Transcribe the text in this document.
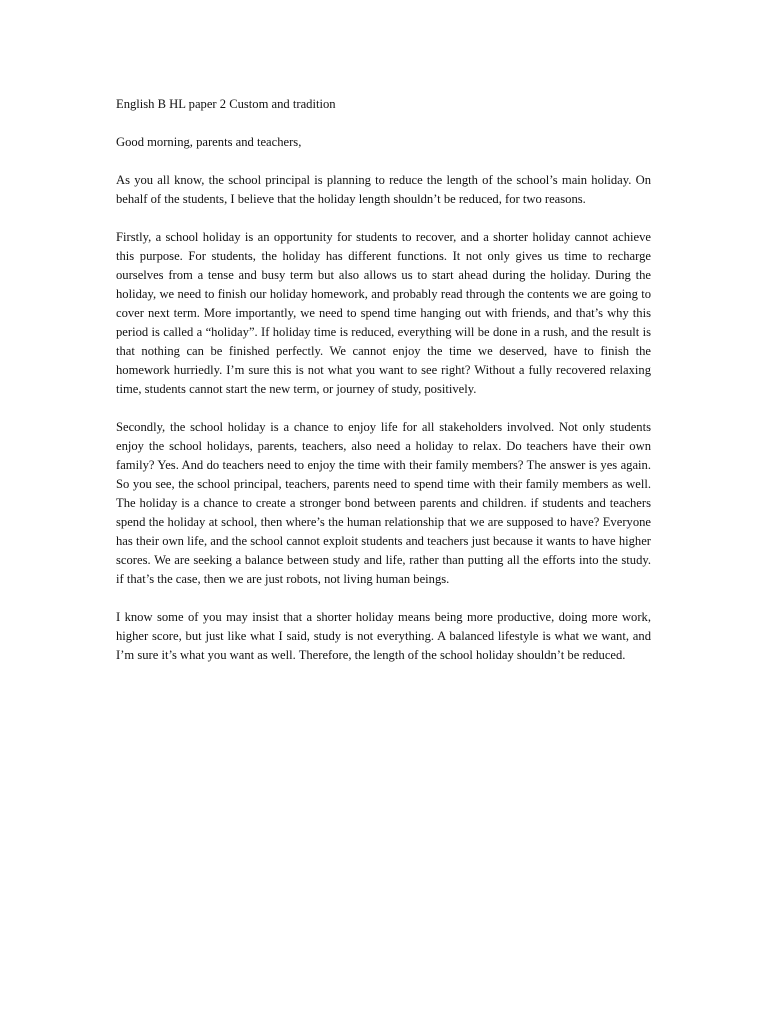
English B HL paper 2 Custom and tradition

Good morning, parents and teachers,

As you all know, the school principal is planning to reduce the length of the school’s main holiday. On behalf of the students, I believe that the holiday length shouldn’t be reduced, for two reasons.

Firstly, a school holiday is an opportunity for students to recover, and a shorter holiday cannot achieve this purpose. For students, the holiday has different functions. It not only gives us time to recharge ourselves from a tense and busy term but also allows us to start ahead during the holiday. During the holiday, we need to finish our holiday homework, and probably read through the contents we are going to cover next term. More importantly, we need to spend time hanging out with friends, and that’s why this period is called a “holiday”. If holiday time is reduced, everything will be done in a rush, and the result is that nothing can be finished perfectly. We cannot enjoy the time we deserved, have to finish the homework hurriedly. I’m sure this is not what you want to see right? Without a fully recovered relaxing time, students cannot start the new term, or journey of study, positively.

Secondly, the school holiday is a chance to enjoy life for all stakeholders involved. Not only students enjoy the school holidays, parents, teachers, also need a holiday to relax. Do teachers have their own family? Yes. And do teachers need to enjoy the time with their family members? The answer is yes again. So you see, the school principal, teachers, parents need to spend time with their family members as well. The holiday is a chance to create a stronger bond between parents and children. if students and teachers spend the holiday at school, then where’s the human relationship that we are supposed to have? Everyone has their own life, and the school cannot exploit students and teachers just because it wants to have higher scores. We are seeking a balance between study and life, rather than putting all the efforts into the study. if that’s the case, then we are just robots, not living human beings.

I know some of you may insist that a shorter holiday means being more productive, doing more work, higher score, but just like what I said, study is not everything. A balanced lifestyle is what we want, and I’m sure it’s what you want as well. Therefore, the length of the school holiday shouldn’t be reduced.
